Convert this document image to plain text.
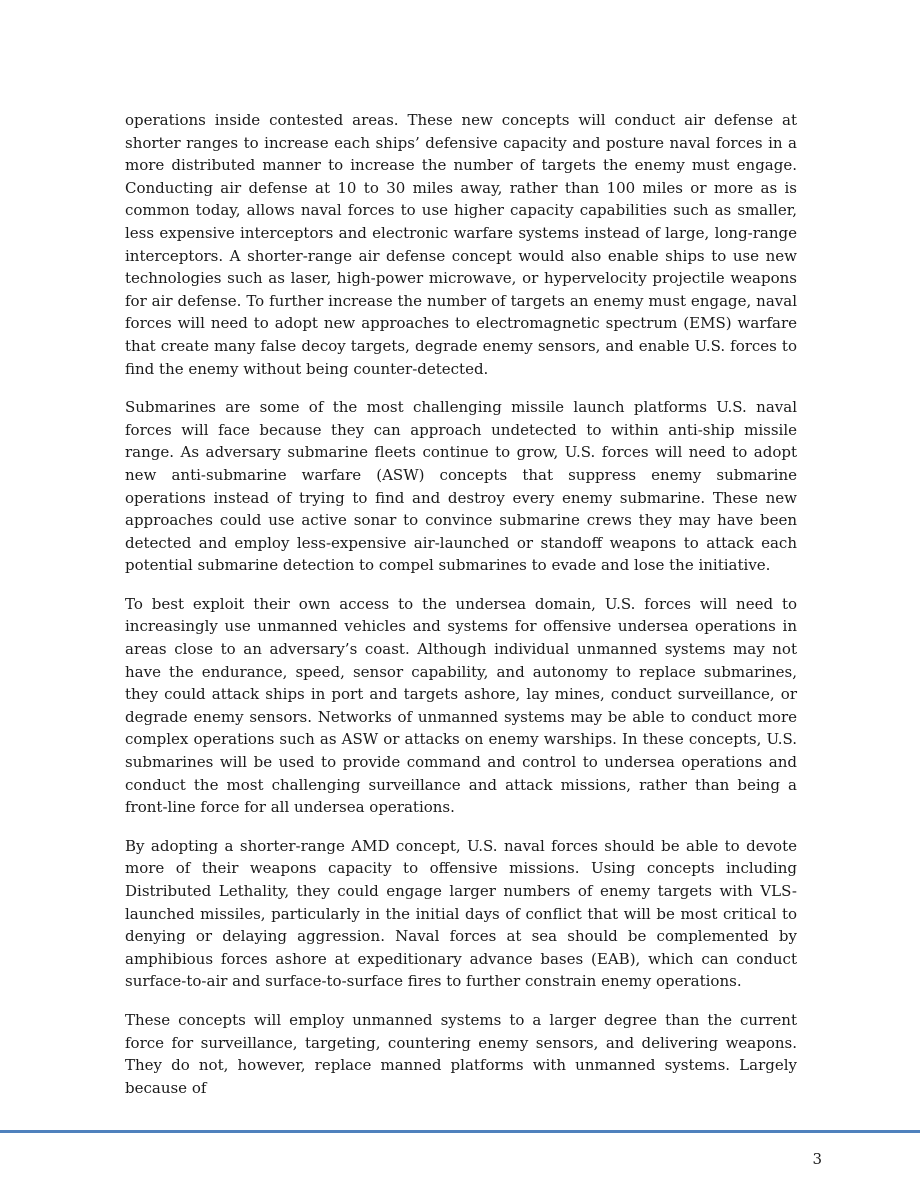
operations inside contested areas. These new concepts will conduct air defense at shorter ranges to increase each ships’ defensive capacity and posture naval forces in a more distributed manner to increase the number of targets the enemy must engage. Conducting air defense at 10 to 30 miles away, rather than 100 miles or more as is common today, allows naval forces to use higher capacity capabilities such as smaller, less expensive interceptors and electronic warfare systems instead of large, long-range interceptors. A shorter-range air defense concept would also enable ships to use new technologies such as laser, high-power microwave, or hypervelocity projectile weapons for air defense. To further increase the number of targets an enemy must engage, naval forces will need to adopt new approaches to electromagnetic spectrum (EMS) warfare that create many false decoy targets, degrade enemy sensors, and enable U.S. forces to find the enemy without being counter-detected.

Submarines are some of the most challenging missile launch platforms U.S. naval forces will face because they can approach undetected to within anti-ship missile range. As adversary submarine fleets continue to grow, U.S. forces will need to adopt new anti-submarine warfare (ASW) concepts that suppress enemy submarine operations instead of trying to find and destroy every enemy submarine. These new approaches could use active sonar to convince submarine crews they may have been detected and employ less-expensive air-launched or standoff weapons to attack each potential submarine detection to compel submarines to evade and lose the initiative.

To best exploit their own access to the undersea domain, U.S. forces will need to increasingly use unmanned vehicles and systems for offensive undersea operations in areas close to an adversary’s coast. Although individual unmanned systems may not have the endurance, speed, sensor capability, and autonomy to replace submarines, they could attack ships in port and targets ashore, lay mines, conduct surveillance, or degrade enemy sensors. Networks of unmanned systems may be able to conduct more complex operations such as ASW or attacks on enemy warships. In these concepts, U.S. submarines will be used to provide command and control to undersea operations and conduct the most challenging surveillance and attack missions, rather than being a front-line force for all undersea operations.

By adopting a shorter-range AMD concept, U.S. naval forces should be able to devote more of their weapons capacity to offensive missions. Using concepts including Distributed Lethality, they could engage larger numbers of enemy targets with VLS-launched missiles, particularly in the initial days of conflict that will be most critical to denying or delaying aggression. Naval forces at sea should be complemented by amphibious forces ashore at expeditionary advance bases (EAB), which can conduct surface-to-air and surface-to-surface fires to further constrain enemy operations.

These concepts will employ unmanned systems to a larger degree than the current force for surveillance, targeting, countering enemy sensors, and delivering weapons. They do not, however, replace manned platforms with unmanned systems. Largely because of

3
